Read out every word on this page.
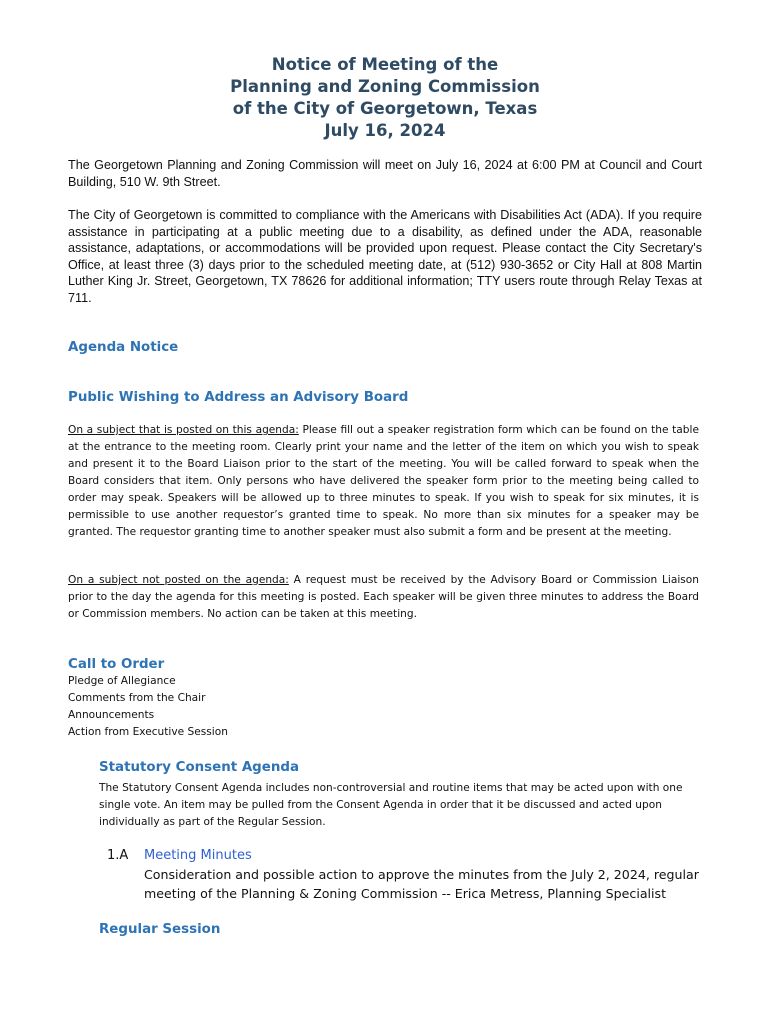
Notice of Meeting of the
Planning and Zoning Commission
of the City of Georgetown, Texas
July 16, 2024

The Georgetown Planning and Zoning Commission will meet on July 16, 2024 at 6:00 PM at Council and Court Building, 510 W. 9th Street.

The City of Georgetown is committed to compliance with the Americans with Disabilities Act (ADA). If you require assistance in participating at a public meeting due to a disability, as defined under the ADA, reasonable assistance, adaptations, or accommodations will be provided upon request. Please contact the City Secretary's Office, at least three (3) days prior to the scheduled meeting date, at (512) 930-3652 or City Hall at 808 Martin Luther King Jr. Street, Georgetown, TX 78626 for additional information; TTY users route through Relay Texas at 711.

Agenda Notice
Public Wishing to Address an Advisory Board

On a subject that is posted on this agenda: Please fill out a speaker registration form which can be found on the table at the entrance to the meeting room. Clearly print your name and the letter of the item on which you wish to speak and present it to the Board Liaison prior to the start of the meeting. You will be called forward to speak when the Board considers that item. Only persons who have delivered the speaker form prior to the meeting being called to order may speak. Speakers will be allowed up to three minutes to speak. If you wish to speak for six minutes, it is permissible to use another requestor’s granted time to speak. No more than six minutes for a speaker may be granted. The requestor granting time to another speaker must also submit a form and be present at the meeting.

On a subject not posted on the agenda: A request must be received by the Advisory Board or Commission Liaison prior to the day the agenda for this meeting is posted. Each speaker will be given three minutes to address the Board or Commission members. No action can be taken at this meeting.

Call to Order
Pledge of Allegiance
Comments from the Chair
Announcements
Action from Executive Session
Statutory Consent Agenda

The Statutory Consent Agenda includes non-controversial and routine items that may be acted upon with one single vote. An item may be pulled from the Consent Agenda in order that it be discussed and acted upon individually as part of the Regular Session.

1.A Meeting Minutes

Consideration and possible action to approve the minutes from the July 2, 2024, regular meeting of the Planning & Zoning Commission -- Erica Metress, Planning Specialist

Regular Session
